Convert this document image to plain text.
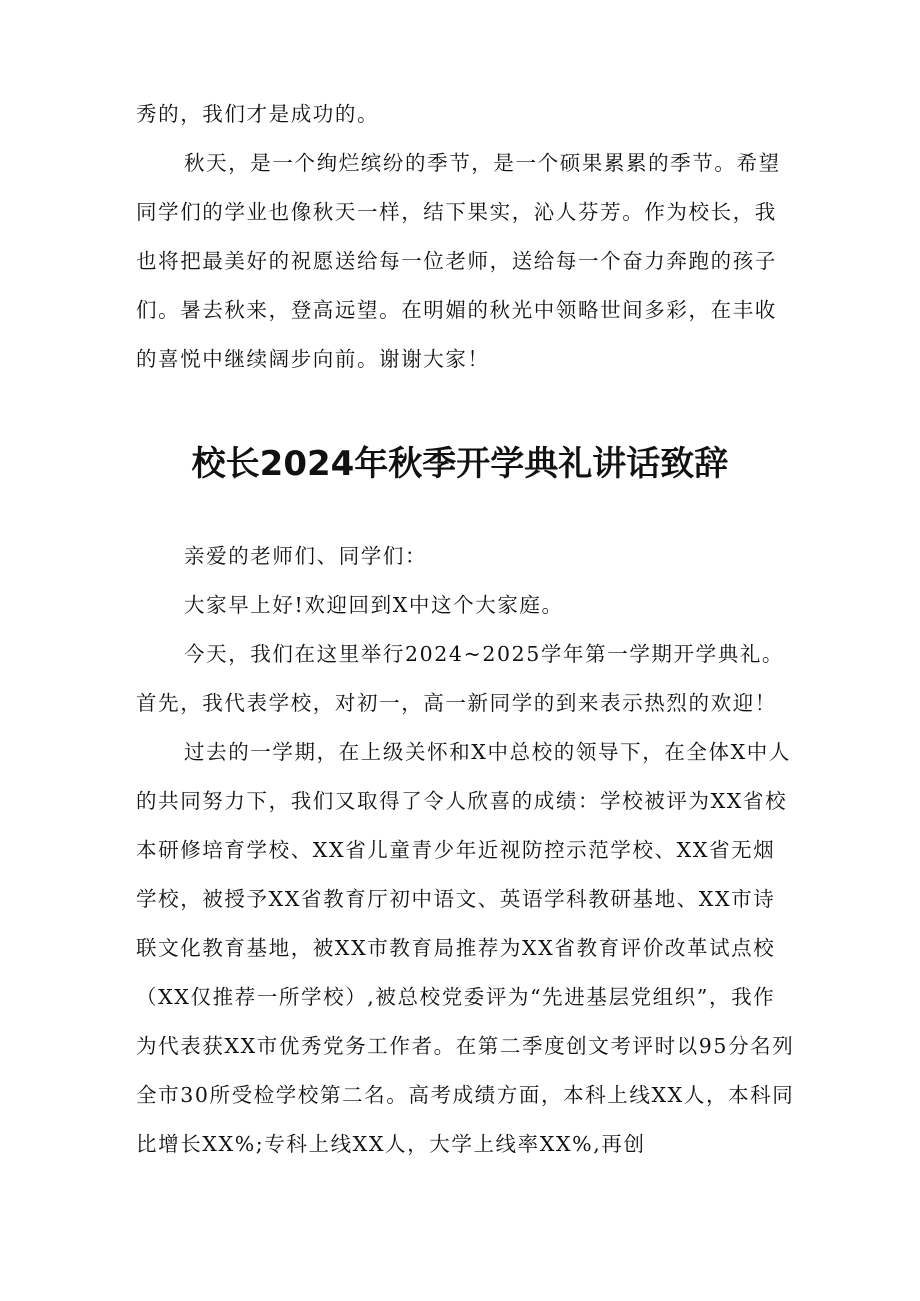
秀的，我们才是成功的。

秋天，是一个绚烂缤纷的季节，是一个硕果累累的季节。希望同学们的学业也像秋天一样，结下果实，沁人芬芳。作为校长，我也将把最美好的祝愿送给每一位老师，送给每一个奋力奔跑的孩子们。暑去秋来，登高远望。在明媚的秋光中领略世间多彩，在丰收的喜悦中继续阔步向前。谢谢大家！

校长2024年秋季开学典礼讲话致辞

亲爱的老师们、同学们：

大家早上好!欢迎回到X中这个大家庭。

今天，我们在这里举行2024~2025学年第一学期开学典礼。首先，我代表学校，对初一，高一新同学的到来表示热烈的欢迎！

过去的一学期，在上级关怀和X中总校的领导下，在全体X中人的共同努力下，我们又取得了令人欣喜的成绩：学校被评为XX省校本研修培育学校、XX省儿童青少年近视防控示范学校、XX省无烟学校，被授予XX省教育厅初中语文、英语学科教研基地、XX市诗联文化教育基地，被XX市教育局推荐为XX省教育评价改革试点校（XX仅推荐一所学校）,被总校党委评为“先进基层党组织”，我作为代表获XX市优秀党务工作者。在第二季度创文考评时以95分名列全市30所受检学校第二名。高考成绩方面，本科上线XX人，本科同比增长XX%;专科上线XX人，大学上线率XX%,再创
